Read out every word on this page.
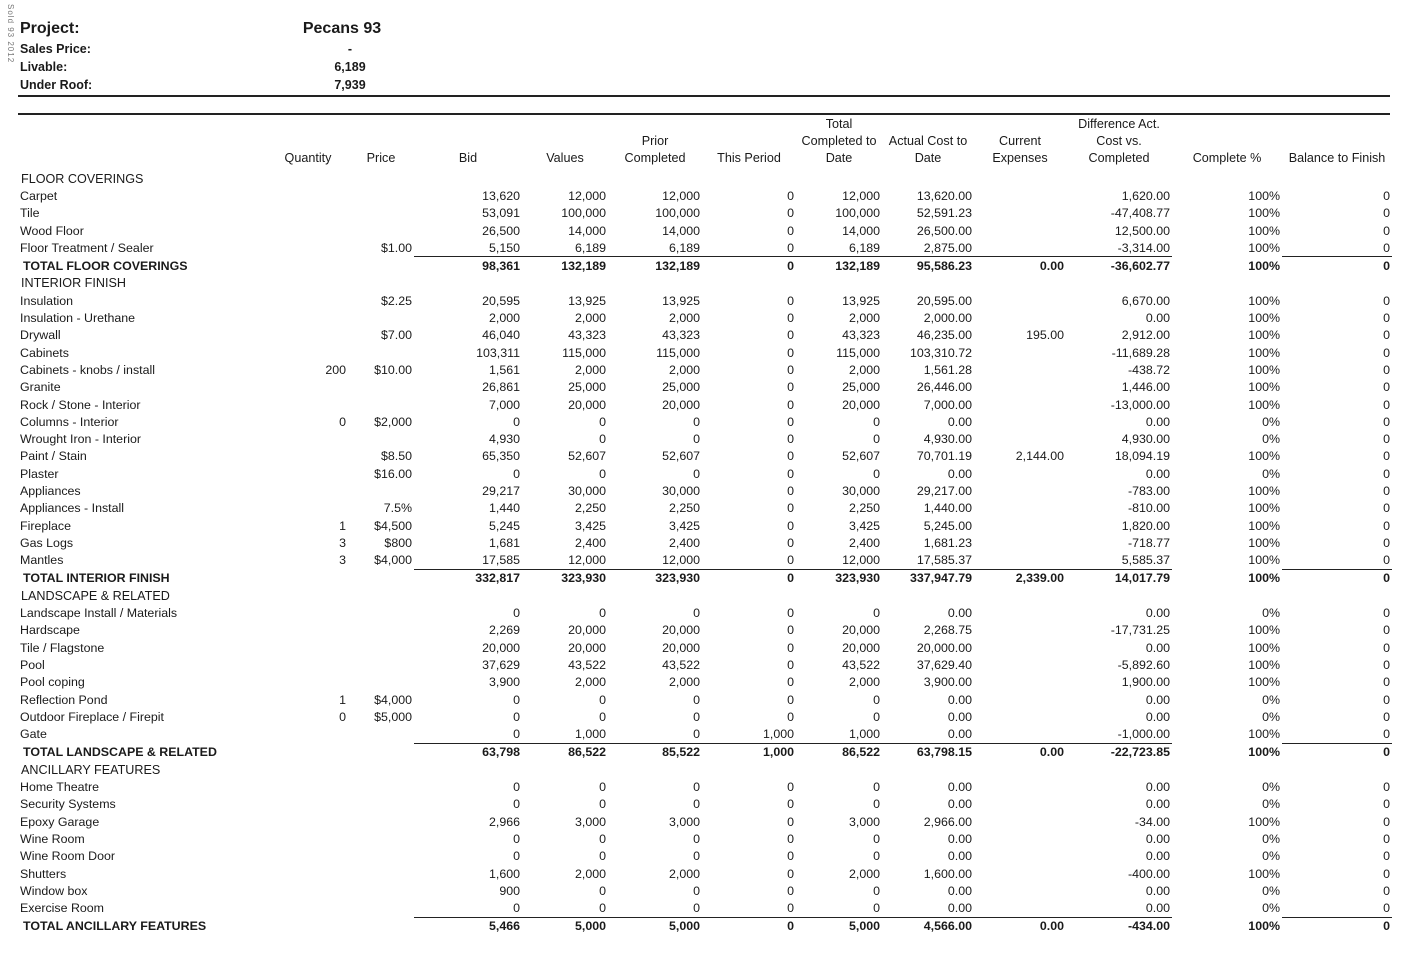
Sold 93 2012 Project:	Pecans 93
Sales Price:	-
Livable:	6,189
Under Roof:	7,939
	Quantity	Price	Bid	Values	Prior Completed	This Period	Total Completed to Date	Actual Cost to Date	Current Expenses	Difference Act. Cost vs. Completed	Complete %	Balance to Finish
FLOOR COVERINGS												
Carpet			13,620	12,000	12,000	0	12,000	13,620.00		1,620.00	100%	0
Tile			53,091	100,000	100,000	0	100,000	52,591.23		-47,408.77	100%	0
Wood Floor			26,500	14,000	14,000	0	14,000	26,500.00		12,500.00	100%	0
Floor Treatment / Sealer		$1.00	5,150	6,189	6,189	0	6,189	2,875.00		-3,314.00	100%	0
TOTAL FLOOR COVERINGS			98,361	132,189	132,189	0	132,189	95,586.23	0.00	-36,602.77	100%	0
INTERIOR FINISH												
Insulation		$2.25	20,595	13,925	13,925	0	13,925	20,595.00		6,670.00	100%	0
Insulation - Urethane			2,000	2,000	2,000	0	2,000	2,000.00		0.00	100%	0
Drywall		$7.00	46,040	43,323	43,323	0	43,323	46,235.00	195.00	2,912.00	100%	0
Cabinets			103,311	115,000	115,000	0	115,000	103,310.72		-11,689.28	100%	0
Cabinets - knobs / install	200	$10.00	1,561	2,000	2,000	0	2,000	1,561.28		-438.72	100%	0
Granite			26,861	25,000	25,000	0	25,000	26,446.00		1,446.00	100%	0
Rock / Stone - Interior			7,000	20,000	20,000	0	20,000	7,000.00		-13,000.00	100%	0
Columns - Interior	0	$2,000	0	0	0	0	0	0.00		0.00	0%	0
Wrought Iron - Interior			4,930	0	0	0	0	4,930.00		4,930.00	0%	0
Paint / Stain		$8.50	65,350	52,607	52,607	0	52,607	70,701.19	2,144.00	18,094.19	100%	0
Plaster		$16.00	0	0	0	0	0	0.00		0.00	0%	0
Appliances			29,217	30,000	30,000	0	30,000	29,217.00		-783.00	100%	0
Appliances - Install		7.5%	1,440	2,250	2,250	0	2,250	1,440.00		-810.00	100%	0
Fireplace	1	$4,500	5,245	3,425	3,425	0	3,425	5,245.00		1,820.00	100%	0
Gas Logs	3	$800	1,681	2,400	2,400	0	2,400	1,681.23		-718.77	100%	0
Mantles	3	$4,000	17,585	12,000	12,000	0	12,000	17,585.37		5,585.37	100%	0
TOTAL INTERIOR FINISH			332,817	323,930	323,930	0	323,930	337,947.79	2,339.00	14,017.79	100%	0
LANDSCAPE & RELATED												
Landscape Install / Materials			0	0	0	0	0	0.00		0.00	0%	0
Hardscape			2,269	20,000	20,000	0	20,000	2,268.75		-17,731.25	100%	0
Tile / Flagstone			20,000	20,000	20,000	0	20,000	20,000.00		0.00	100%	0
Pool			37,629	43,522	43,522	0	43,522	37,629.40		-5,892.60	100%	0
Pool coping			3,900	2,000	2,000	0	2,000	3,900.00		1,900.00	100%	0
Reflection Pond	1	$4,000	0	0	0	0	0	0.00		0.00	0%	0
Outdoor Fireplace / Firepit	0	$5,000	0	0	0	0	0	0.00		0.00	0%	0
Gate			0	1,000	0	1,000	1,000	0.00		-1,000.00	100%	0
TOTAL LANDSCAPE & RELATED			63,798	86,522	85,522	1,000	86,522	63,798.15	0.00	-22,723.85	100%	0
ANCILLARY FEATURES												
Home Theatre			0	0	0	0	0	0.00		0.00	0%	0
Security Systems			0	0	0	0	0	0.00		0.00	0%	0
Epoxy Garage			2,966	3,000	3,000	0	3,000	2,966.00		-34.00	100%	0
Wine Room			0	0	0	0	0	0.00		0.00	0%	0
Wine Room Door			0	0	0	0	0	0.00		0.00	0%	0
Shutters			1,600	2,000	2,000	0	2,000	1,600.00		-400.00	100%	0
Window box			900	0	0	0	0	0.00		0.00	0%	0
Exercise Room			0	0	0	0	0	0.00		0.00	0%	0
TOTAL ANCILLARY FEATURES			5,466	5,000	5,000	0	5,000	4,566.00	0.00	-434.00	100%	0
